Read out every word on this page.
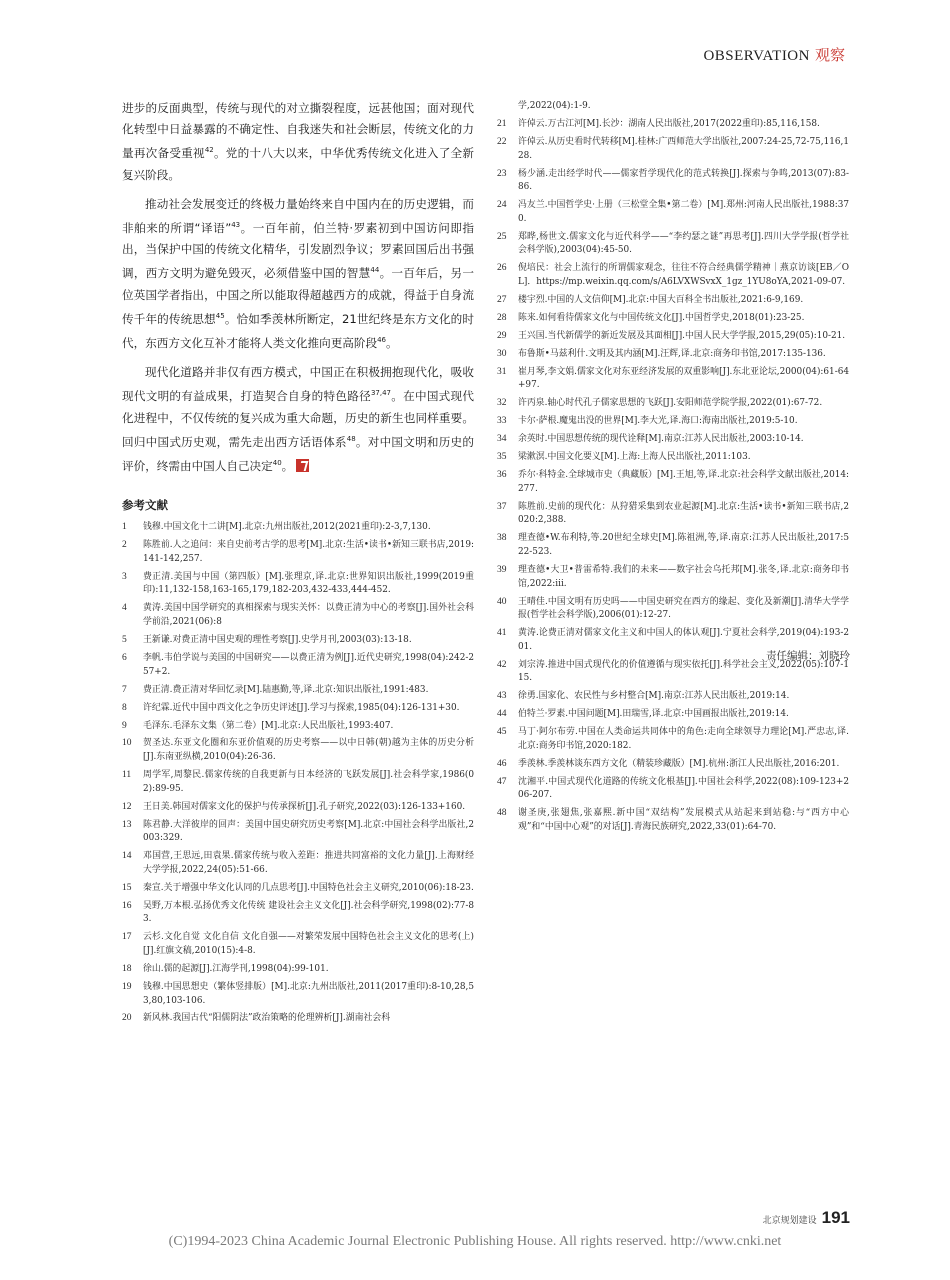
OBSERVATION 观察

进步的反面典型，传统与现代的对立撕裂程度，远甚他国；面对现代化转型中日益暴露的不确定性、自我迷失和社会断层，传统文化的力量再次备受重视$^{42}$。党的十八大以来，中华优秀传统文化进入了全新复兴阶段。

推动社会发展变迁的终极力量始终来自中国内在的历史逻辑，而非舶来的所谓“译语”$^{43}$。一百年前，伯兰特·罗素初到中国访问即指出，当保护中国的传统文化精华，引发剧烈争议；罗素回国后出书强调，西方文明为避免毁灭，必须借鉴中国的智慧$^{44}$。一百年后，另一位英国学者指出，中国之所以能取得超越西方的成就，得益于自身流传千年的传统思想$^{45}$。恰如季羡林所断定，21世纪终是东方文化的时代，东西方文化互补才能将人类文化推向更高阶段$^{46}$。

现代化道路并非仅有西方模式，中国正在积极拥抱现代化，吸收现代文明的有益成果，打造契合自身的特色路径$^{37,47}$。在中国式现代化进程中，不仅传统的复兴成为重大命题，历史的新生也同样重要。回归中国式历史观，需先走出西方话语体系$^{48}$。对中国文明和历史的评价，终需由中国人自己决定$^{40}$。

参考文献
1	钱穆.中国文化十二讲[M].北京:九州出版社,2012(2021重印):2-3,7,130.
2	陈胜前.人之追问：来自史前考古学的思考[M].北京:生活•读书•新知三联书店,2019:141-142,257.
3	费正清.美国与中国（第四版）[M].张理京,译.北京:世界知识出版社,1999(2019重印):11,132-158,163-165,179,182-203,432-433,444-452.
4	黄涛.美国中国学研究的真相探索与现实关怀：以费正清为中心的考察[J].国外社会科学前沿,2021(06):8
5	王新谦.对费正清中国史观的理性考察[J].史学月刊,2003(03):13-18.
6	李帆.韦伯学说与美国的中国研究——以费正清为例[J].近代史研究,1998(04):242-257+2.
7	费正清.费正清对华回忆录[M].陆惠勤,等,译.北京:知识出版社,1991:483.
8	许纪霖.近代中国中西文化之争历史评述[J].学习与探索,1985(04):126-131+30.
9	毛泽东.毛泽东文集（第二卷）[M].北京:人民出版社,1993:407.
10	贺圣达.东亚文化圈和东亚价值观的历史考察——以中日韩(朝)越为主体的历史分析[J].东南亚纵横,2010(04):26-36.
11	周学军,周黎民.儒家传统的自我更新与日本经济的飞跃发展[J].社会科学家,1986(02):89-95.
12	王日美.韩国对儒家文化的保护与传承探析[J].孔子研究,2022(03):126-133+160.
13	陈君静.大洋彼岸的回声：美国中国史研究历史考察[M].北京:中国社会科学出版社,2003:329.
14	邓国营,王思远,田袁果.儒家传统与收入差距：推进共同富裕的文化力量[J].上海财经大学学报,2022,24(05):51-66.
15	秦宣.关于增强中华文化认同的几点思考[J].中国特色社会主义研究,2010(06):18-23.
16	吴野,万本根.弘扬优秀文化传统 建设社会主义文化[J].社会科学研究,1998(02):77-83.
17	云杉.文化自觉 文化自信 文化自强——对繁荣发展中国特色社会主义文化的思考(上)[J].红旗文稿,2010(15):4-8.
18	徐山.儒的起源[J].江海学刊,1998(04):99-101.
19	钱穆.中国思想史（繁体竖排版）[M].北京:九州出版社,2011(2017重印):8-10,28,53,80,103-106.
20	新风林.我国古代“阳儒阴法”政治策略的伦理辨析[J].湖南社会科
学,2022(04):1-9.
21	许倬云.万古江河[M].长沙：湖南人民出版社,2017(2022重印):85,116,158.
22	许倬云.从历史看时代转移[M].桂林:广西师范大学出版社,2007:24-25,72-75,116,128.
23	杨少涵.走出经学时代——儒家哲学现代化的范式转换[J].探索与争鸣,2013(07):83-86.
24	冯友兰.中国哲学史·上册（三松堂全集•第二卷）[M].郑州:河南人民出版社,1988:370.
25	郑晔,杨世文.儒家文化与近代科学——“李约瑟之谜”再思考[J].四川大学学报(哲学社会科学版),2003(04):45-50.
26	倪培民：社会上流行的所谓儒家观念，往往不符合经典儒学精神｜燕京访谈[EB／OL]．https://mp.weixin.qq.com/s/A6LVXWSvxX_1gz_1YU8oYA,2021-09-07.
27	楼宇烈.中国的人文信仰[M].北京:中国大百科全书出版社,2021:6-9,169.
28	陈来.如何看待儒家文化与中国传统文化[J].中国哲学史,2018(01):23-25.
29	王兴国.当代新儒学的新近发展及其面相[J].中国人民大学学报,2015,29(05):10-21.
30	布鲁斯•马兹利什.文明及其内涵[M].汪辉,译.北京:商务印书馆,2017:135-136.
31	崔月琴,李文娟.儒家文化对东亚经济发展的双重影响[J].东北亚论坛,2000(04):61-64+97.
32	许丙泉.轴心时代孔子儒家思想的飞跃[J].安阳师范学院学报,2022(01):67-72.
33	卡尔·萨根.魔鬼出没的世界[M].李大光,译.海口:海南出版社,2019:5-10.
34	余英时.中国思想传统的现代诠释[M].南京:江苏人民出版社,2003:10-14.
35	梁漱溟.中国文化要义[M].上海:上海人民出版社,2011:103.
36	乔尔·科特金.全球城市史（典藏版）[M].王旭,等,译.北京:社会科学文献出版社,2014:277.
37	陈胜前.史前的现代化：从狩猎采集到农业起源[M].北京:生活•读书•新知三联书店,2020:2,388.
38	理查德•W.布利特,等.20世纪全球史[M].陈祖洲,等,译.南京:江苏人民出版社,2017:522-523.
39	理查德•大卫•普雷希特.我们的未来——数字社会乌托邦[M].张冬,译.北京:商务印书馆,2022:iii.
40	王晴佳.中国文明有历史吗——中国史研究在西方的缘起、变化及新潮[J].清华大学学报(哲学社会科学版),2006(01):12-27.
41	黄涛.论费正清对儒家文化主义和中国人的体认观[J].宁夏社会科学,2019(04):193-201.
42	刘宗涛.推进中国式现代化的价值遵循与现实依托[J].科学社会主义,2022(05):107-115.
43	徐勇.国家化、农民性与乡村整合[M].南京:江苏人民出版社,2019:14.
44	伯特兰·罗素.中国问题[M].田瑞雪,译.北京:中国画报出版社,2019:14.
45	马丁·阿尔布劳.中国在人类命运共同体中的角色:走向全球领导力理论[M].严忠志,译.北京:商务印书馆,2020:182.
46	季羡林.季羡林谈东西方文化（精装珍藏版）[M].杭州:浙江人民出版社,2016:201.
47	沈湘平.中国式现代化道路的传统文化根基[J].中国社会科学,2022(08):109-123+206-207.
48	谢圣庚,张翅焦,张嘉熙.新中国“双结构”发展模式从站起来到站稳:与“西方中心观”和“中国中心观”的对话[J].青海民族研究,2022,33(01):64-70.
责任编辑：刘晓玲
北京规划建设 191
(C)1994-2023 China Academic Journal Electronic Publishing House. All rights reserved. http://www.cnki.net
